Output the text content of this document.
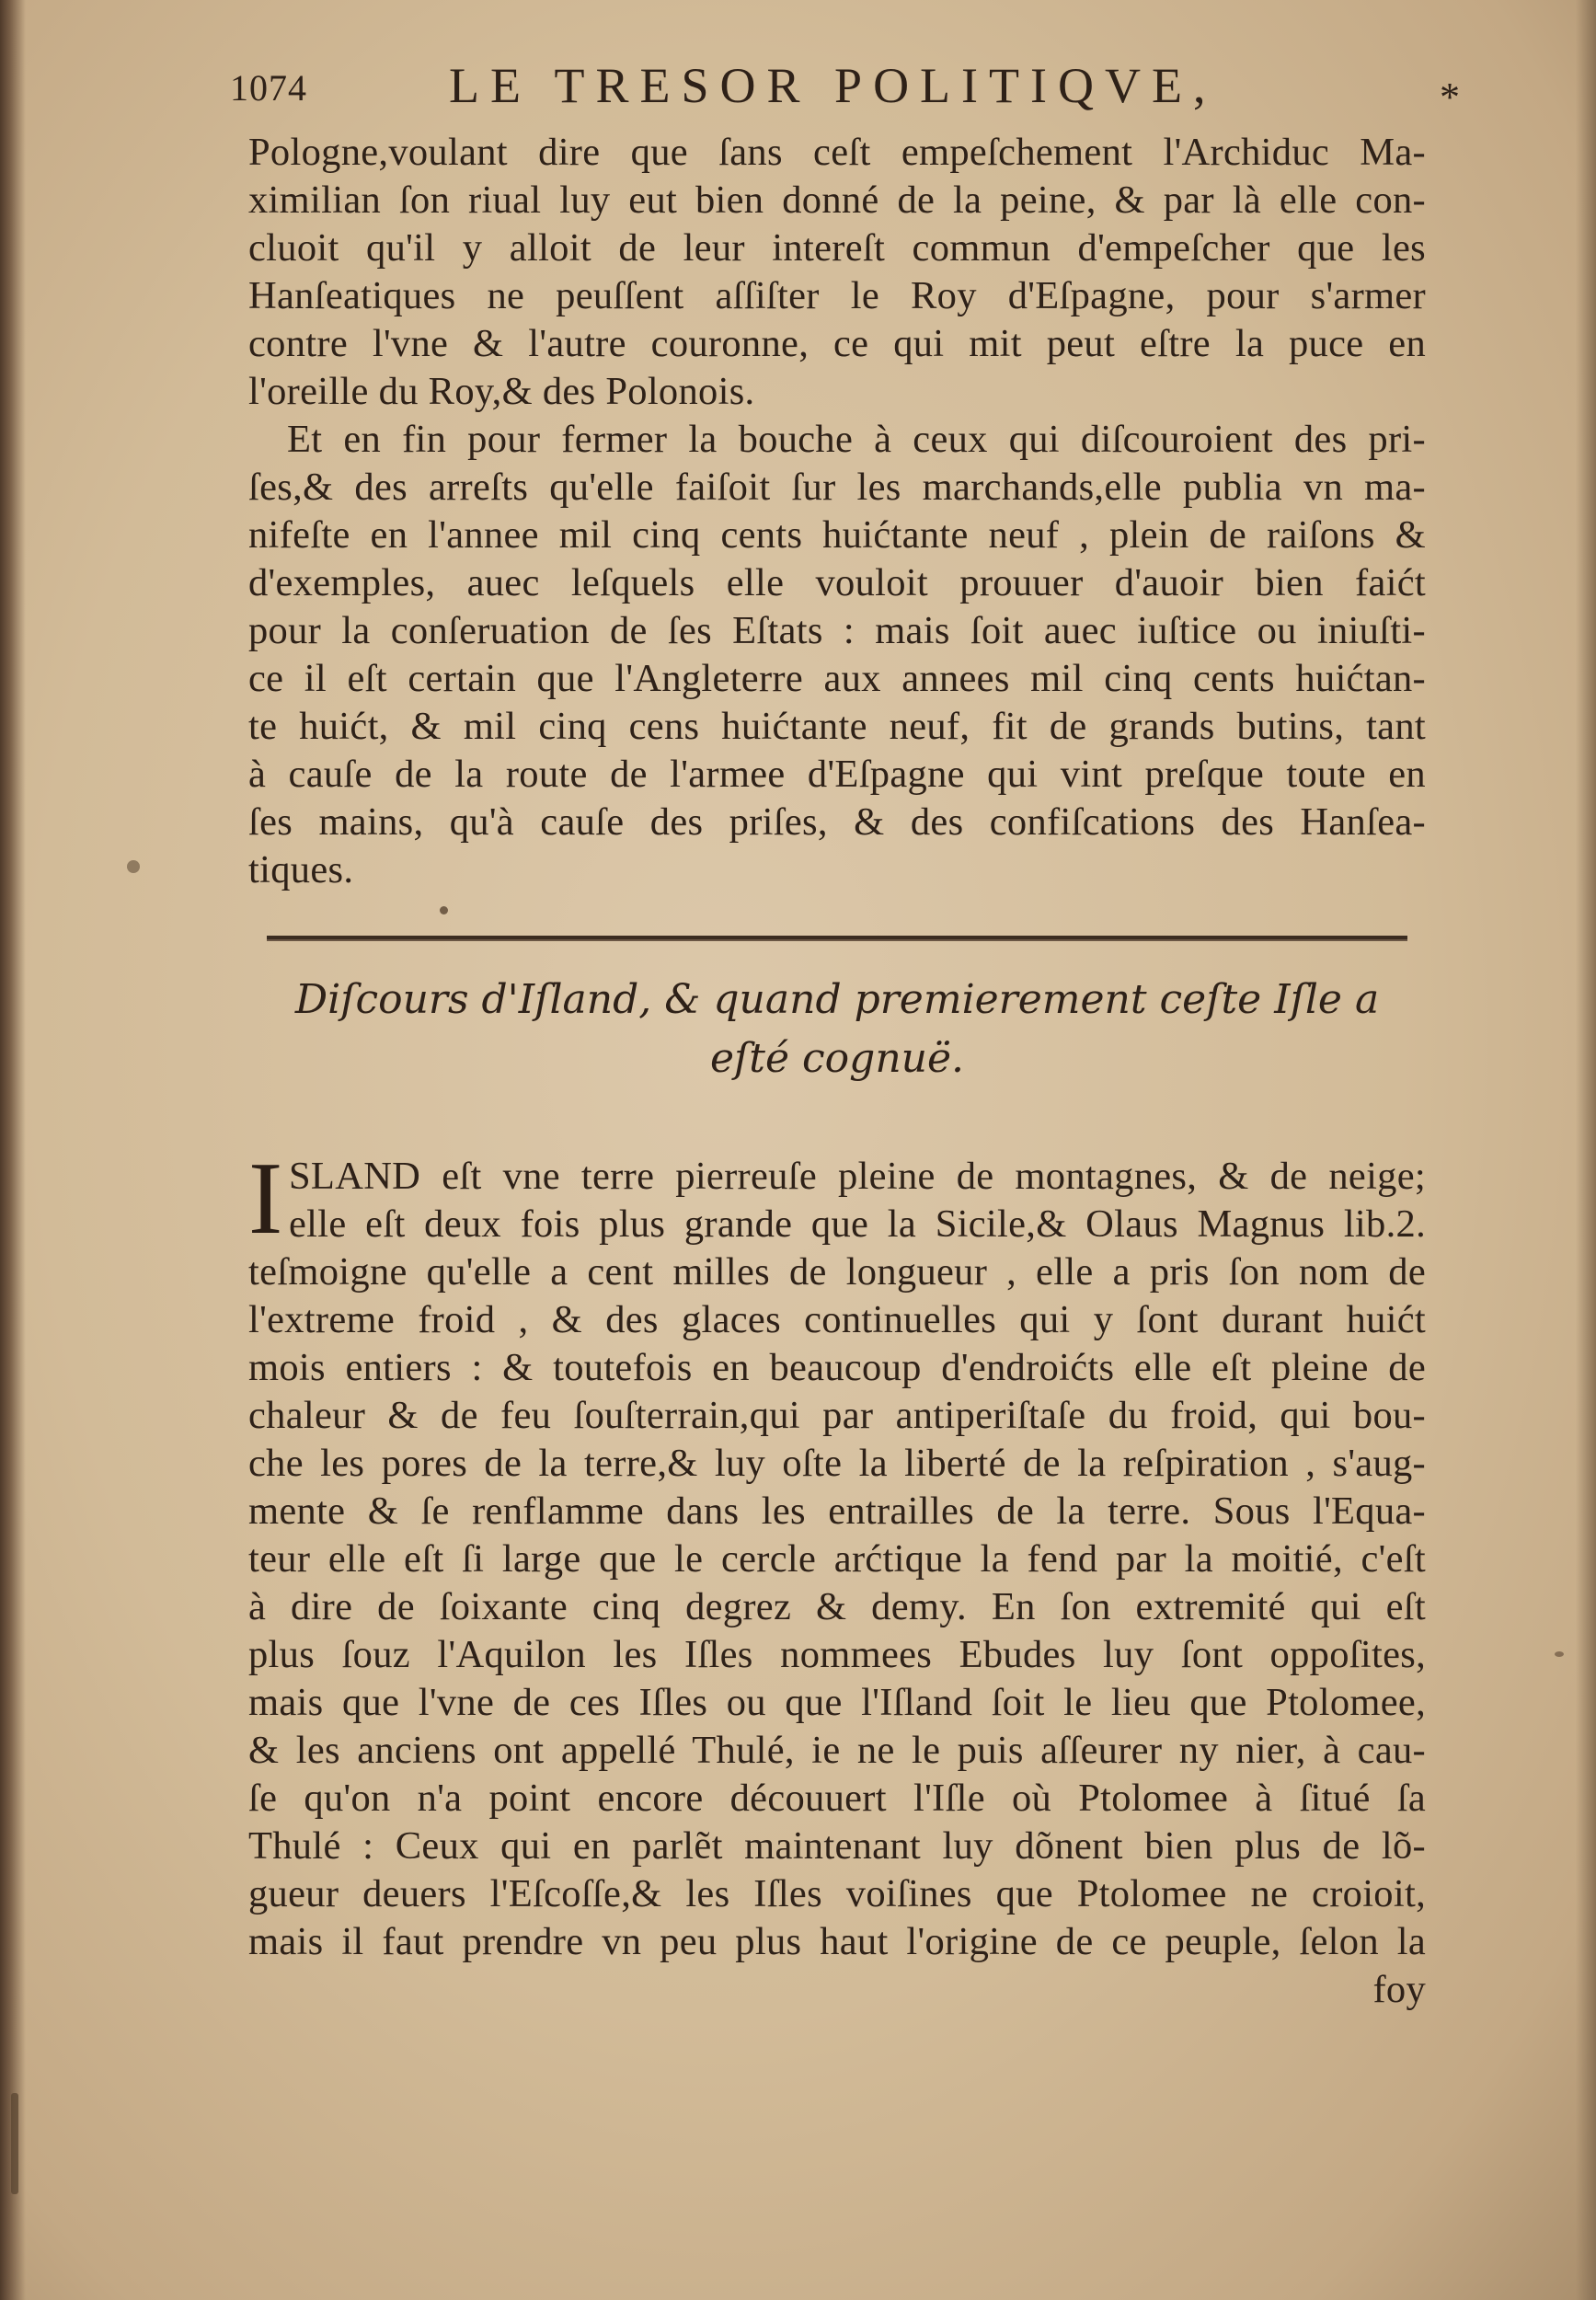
1074	LE TRESOR POLITIQVE,	*
Pologne,voulant dire que ſans ceſt empeſchement l'Archiduc Ma-
ximilian ſon riual luy eut bien donné de la peine, & par là elle con-
cluoit qu'il y alloit de leur intereſt commun d'empeſcher que les
Hanſeatiques ne peuſſent aſſiſter le Roy d'Eſpagne, pour s'armer
contre l'vne & l'autre couronne, ce qui mit peut eſtre la puce en
l'oreille du Roy,& des Polonois.
Et en fin pour fermer la bouche à ceux qui diſcouroient des pri-
ſes,& des arreſts qu'elle faiſoit ſur les marchands,elle publia vn ma-
nifeſte en l'annee mil cinq cents huićtante neuf , plein de raiſons &
d'exemples, auec leſquels elle vouloit prouuer d'auoir bien faićt
pour la conſeruation de ſes Eſtats : mais ſoit auec iuſtice ou iniuſti-
ce il eſt certain que l'Angleterre aux annees mil cinq cents huićtan-
te huićt, & mil cinq cens huićtante neuf, fit de grands butins, tant
à cauſe de la route de l'armee d'Eſpagne qui vint preſque toute en
ſes mains, qu'à cauſe des priſes, & des confiſcations des Hanſea-
tiques.
Diſcours d'Iſland, & quand premierement ceſte Iſle a
eſté cognuë.
I SLAND eſt vne terre pierreuſe pleine de montagnes, & de neige;
elle eſt deux fois plus grande que la Sicile,& Olaus Magnus lib.2.
teſmoigne qu'elle a cent milles de longueur , elle a pris ſon nom de
l'extreme froid , & des glaces continuelles qui y ſont durant huićt
mois entiers : & toutefois en beaucoup d'endroićts elle eſt pleine de
chaleur & de feu ſouſterrain,qui par antiperiſtaſe du froid, qui bou-
che les pores de la terre,& luy oſte la liberté de la reſpiration , s'aug-
mente & ſe renflamme dans les entrailles de la terre. Sous l'Equa-
teur elle eſt ſi large que le cercle arćtique la fend par la moitié, c'eſt
à dire de ſoixante cinq degrez & demy. En ſon extremité qui eſt
plus ſouz l'Aquilon les Iſles nommees Ebudes luy ſont oppoſites,
mais que l'vne de ces Iſles ou que l'Iſland ſoit le lieu que Ptolomee,
& les anciens ont appellé Thulé, ie ne le puis aſſeurer ny nier, à cau-
ſe qu'on n'a point encore découuert l'Iſle où Ptolomee à ſitué ſa
Thulé : Ceux qui en parlẽt maintenant luy dõnent bien plus de lõ-
gueur deuers l'Eſcoſſe,& les Iſles voiſines que Ptolomee ne croioit,
mais il faut prendre vn peu plus haut l'origine de ce peuple, ſelon la
foy
